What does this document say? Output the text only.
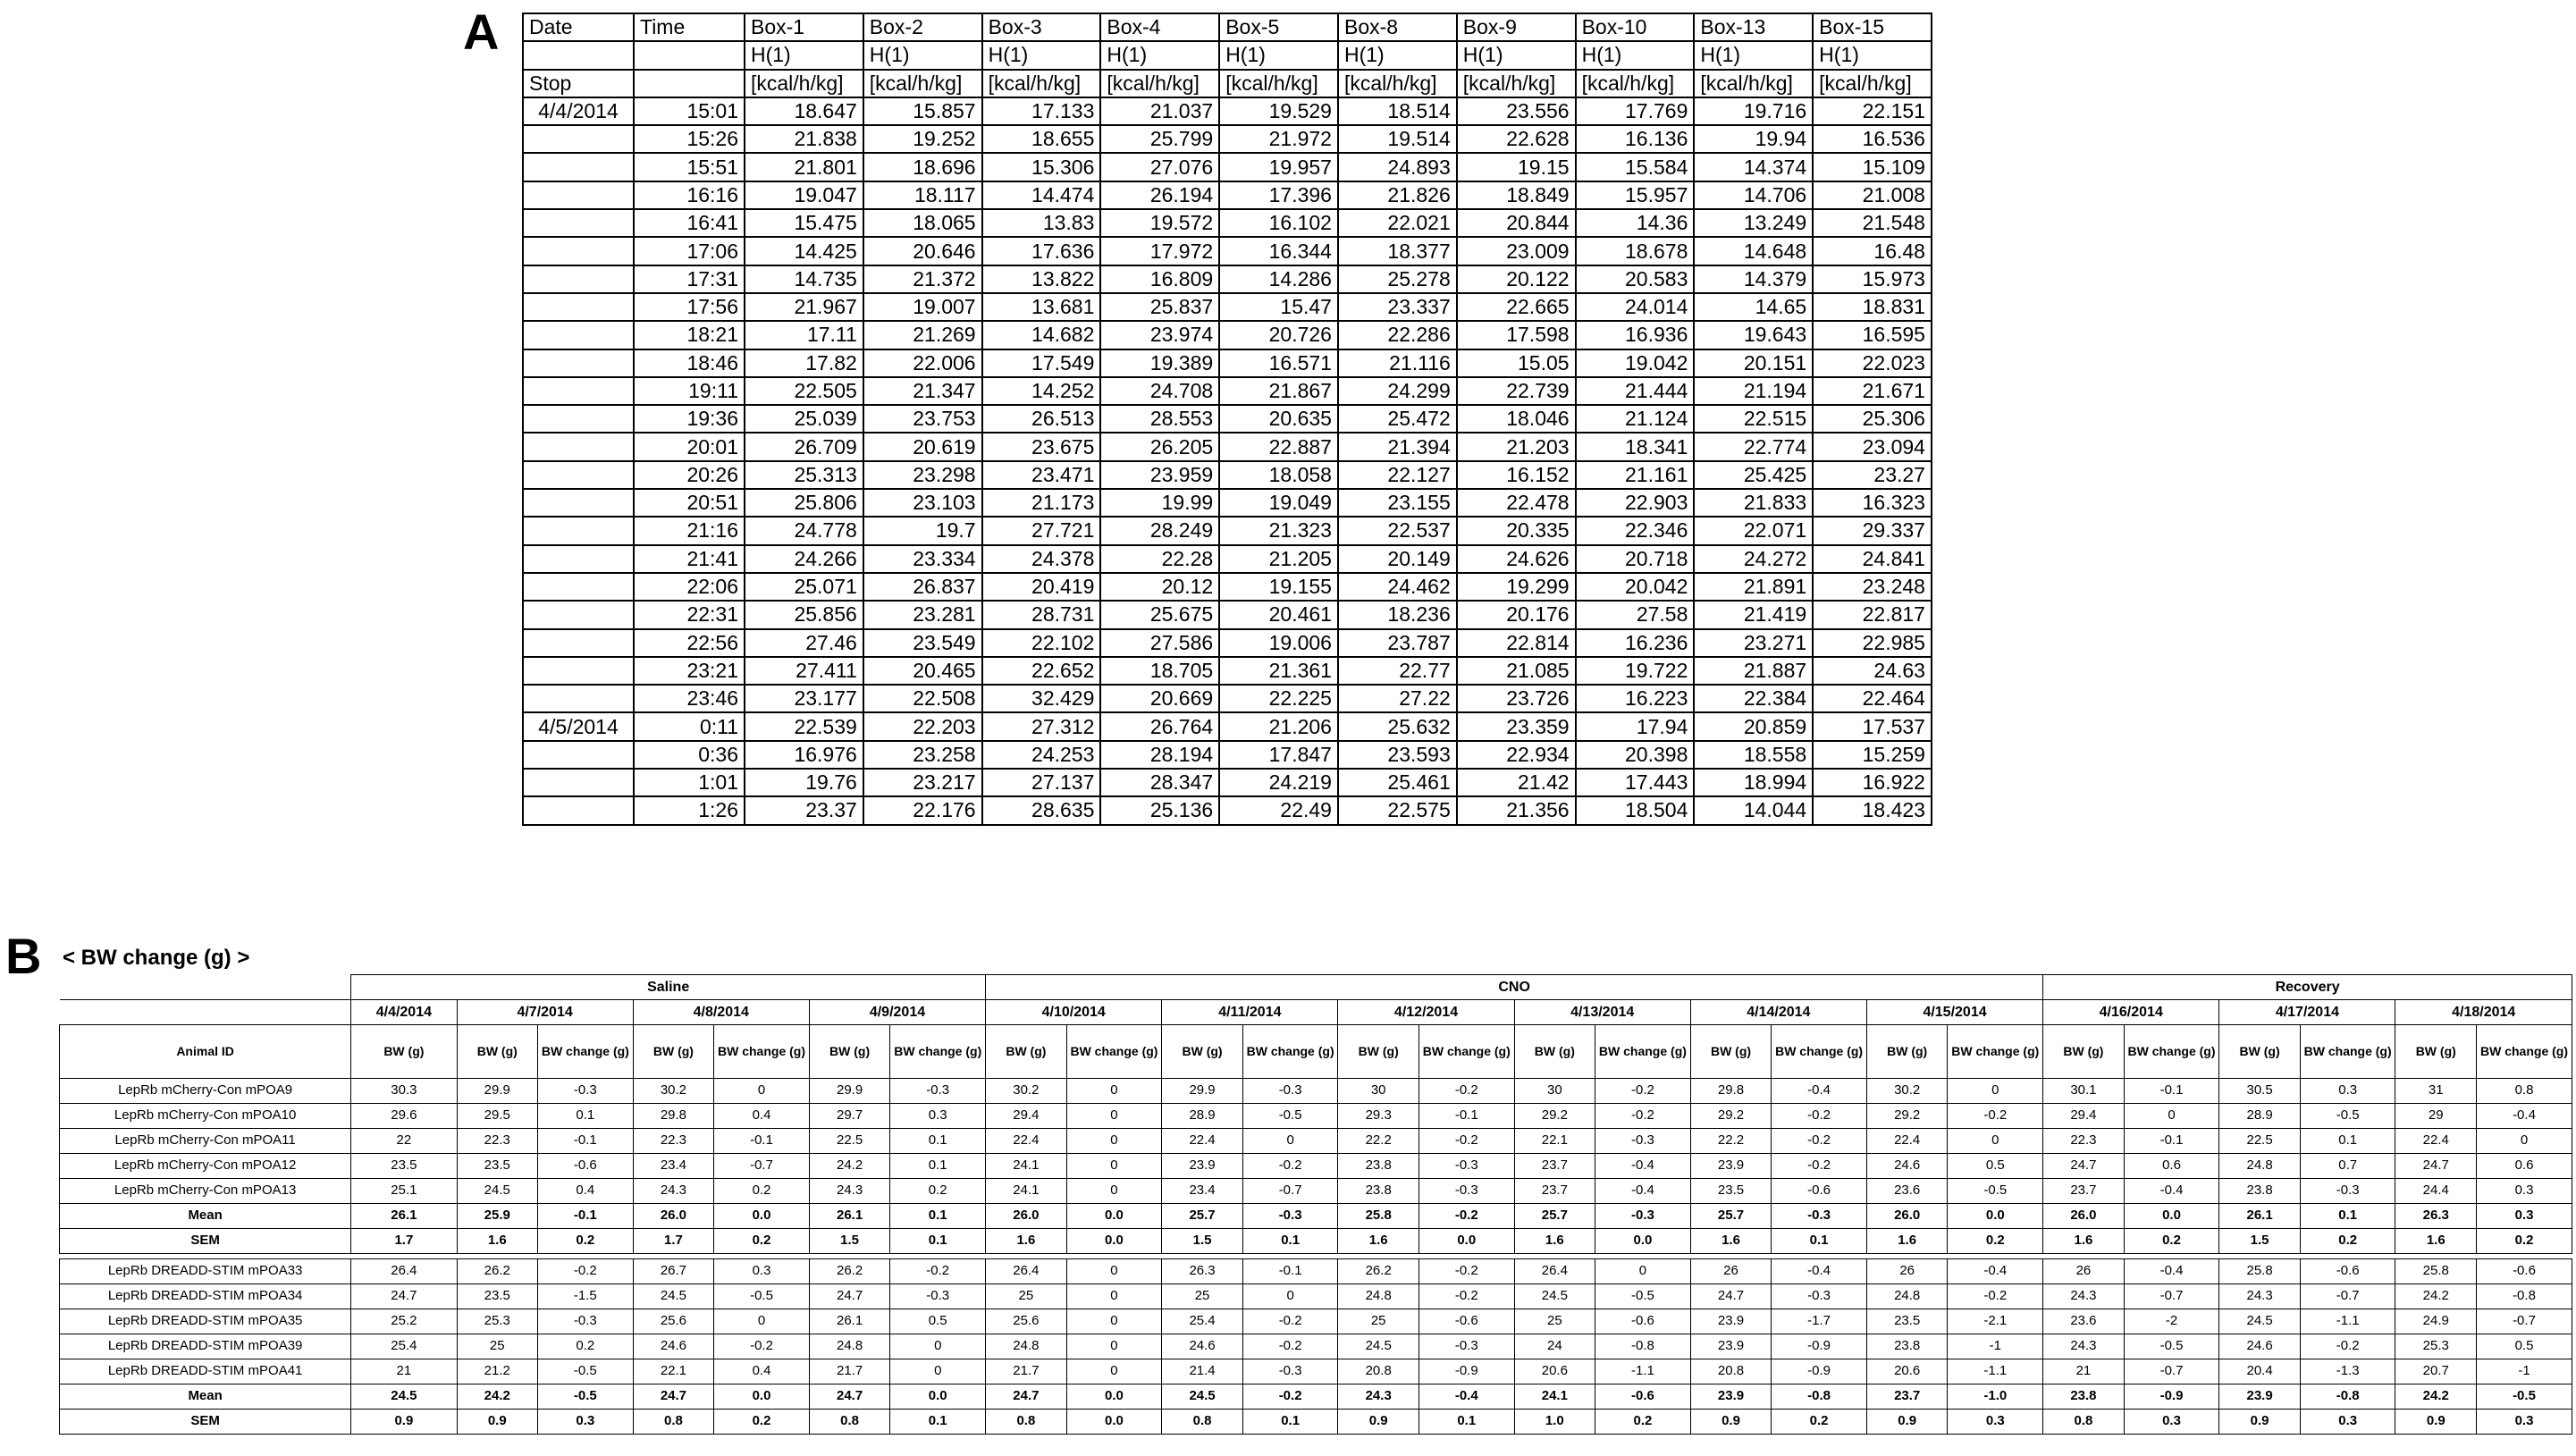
A Date	Time	Box-1	Box-2	Box-3	Box-4	Box-5	Box-8	Box-9	Box-10	Box-13	Box-15
		H(1)	H(1)	H(1)	H(1)	H(1)	H(1)	H(1)	H(1)	H(1)	H(1)
Stop		[kcal/h/kg]	[kcal/h/kg]	[kcal/h/kg]	[kcal/h/kg]	[kcal/h/kg]	[kcal/h/kg]	[kcal/h/kg]	[kcal/h/kg]	[kcal/h/kg]	[kcal/h/kg]
4/4/2014	15:01	18.647	15.857	17.133	21.037	19.529	18.514	23.556	17.769	19.716	22.151
	15:26	21.838	19.252	18.655	25.799	21.972	19.514	22.628	16.136	19.94	16.536
	15:51	21.801	18.696	15.306	27.076	19.957	24.893	19.15	15.584	14.374	15.109
	16:16	19.047	18.117	14.474	26.194	17.396	21.826	18.849	15.957	14.706	21.008
	16:41	15.475	18.065	13.83	19.572	16.102	22.021	20.844	14.36	13.249	21.548
	17:06	14.425	20.646	17.636	17.972	16.344	18.377	23.009	18.678	14.648	16.48
	17:31	14.735	21.372	13.822	16.809	14.286	25.278	20.122	20.583	14.379	15.973
	17:56	21.967	19.007	13.681	25.837	15.47	23.337	22.665	24.014	14.65	18.831
	18:21	17.11	21.269	14.682	23.974	20.726	22.286	17.598	16.936	19.643	16.595
	18:46	17.82	22.006	17.549	19.389	16.571	21.116	15.05	19.042	20.151	22.023
	19:11	22.505	21.347	14.252	24.708	21.867	24.299	22.739	21.444	21.194	21.671
	19:36	25.039	23.753	26.513	28.553	20.635	25.472	18.046	21.124	22.515	25.306
	20:01	26.709	20.619	23.675	26.205	22.887	21.394	21.203	18.341	22.774	23.094
	20:26	25.313	23.298	23.471	23.959	18.058	22.127	16.152	21.161	25.425	23.27
	20:51	25.806	23.103	21.173	19.99	19.049	23.155	22.478	22.903	21.833	16.323
	21:16	24.778	19.7	27.721	28.249	21.323	22.537	20.335	22.346	22.071	29.337
	21:41	24.266	23.334	24.378	22.28	21.205	20.149	24.626	20.718	24.272	24.841
	22:06	25.071	26.837	20.419	20.12	19.155	24.462	19.299	20.042	21.891	23.248
	22:31	25.856	23.281	28.731	25.675	20.461	18.236	20.176	27.58	21.419	22.817
	22:56	27.46	23.549	22.102	27.586	19.006	23.787	22.814	16.236	23.271	22.985
	23:21	27.411	20.465	22.652	18.705	21.361	22.77	21.085	19.722	21.887	24.63
	23:46	23.177	22.508	32.429	20.669	22.225	27.22	23.726	16.223	22.384	22.464
4/5/2014	0:11	22.539	22.203	27.312	26.764	21.206	25.632	23.359	17.94	20.859	17.537
	0:36	16.976	23.258	24.253	28.194	17.847	23.593	22.934	20.398	18.558	15.259
	1:01	19.76	23.217	27.137	28.347	24.219	25.461	21.42	17.443	18.994	16.922
	1:26	23.37	22.176	28.635	25.136	22.49	22.575	21.356	18.504	14.044	18.423
B < BW change (g) >
	Saline							CNO												Recovery					
	4/4/2014	4/7/2014		4/8/2014		4/9/2014		4/10/2014		4/11/2014		4/12/2014		4/13/2014		4/14/2014		4/15/2014		4/16/2014		4/17/2014		4/18/2014	
Animal ID	BW (g)	BW (g)	BW change (g)	BW (g)	BW change (g)	BW (g)	BW change (g)	BW (g)	BW change (g)	BW (g)	BW change (g)	BW (g)	BW change (g)	BW (g)	BW change (g)	BW (g)	BW change (g)	BW (g)	BW change (g)	BW (g)	BW change (g)	BW (g)	BW change (g)	BW (g)	BW change (g)
LepRb mCherry-Con mPOA9	30.3	29.9	-0.3	30.2	0	29.9	-0.3	30.2	0	29.9	-0.3	30	-0.2	30	-0.2	29.8	-0.4	30.2	0	30.1	-0.1	30.5	0.3	31	0.8
LepRb mCherry-Con mPOA10	29.6	29.5	0.1	29.8	0.4	29.7	0.3	29.4	0	28.9	-0.5	29.3	-0.1	29.2	-0.2	29.2	-0.2	29.2	-0.2	29.4	0	28.9	-0.5	29	-0.4
LepRb mCherry-Con mPOA11	22	22.3	-0.1	22.3	-0.1	22.5	0.1	22.4	0	22.4	0	22.2	-0.2	22.1	-0.3	22.2	-0.2	22.4	0	22.3	-0.1	22.5	0.1	22.4	0
LepRb mCherry-Con mPOA12	23.5	23.5	-0.6	23.4	-0.7	24.2	0.1	24.1	0	23.9	-0.2	23.8	-0.3	23.7	-0.4	23.9	-0.2	24.6	0.5	24.7	0.6	24.8	0.7	24.7	0.6
LepRb mCherry-Con mPOA13	25.1	24.5	0.4	24.3	0.2	24.3	0.2	24.1	0	23.4	-0.7	23.8	-0.3	23.7	-0.4	23.5	-0.6	23.6	-0.5	23.7	-0.4	23.8	-0.3	24.4	0.3
Mean	26.1	25.9	-0.1	26.0	0.0	26.1	0.1	26.0	0.0	25.7	-0.3	25.8	-0.2	25.7	-0.3	25.7	-0.3	26.0	0.0	26.0	0.0	26.1	0.1	26.3	0.3
SEM	1.7	1.6	0.2	1.7	0.2	1.5	0.1	1.6	0.0	1.5	0.1	1.6	0.0	1.6	0.0	1.6	0.1	1.6	0.2	1.6	0.2	1.5	0.2	1.6	0.2

LepRb DREADD-STIM mPOA33	26.4	26.2	-0.2	26.7	0.3	26.2	-0.2	26.4	0	26.3	-0.1	26.2	-0.2	26.4	0	26	-0.4	26	-0.4	26	-0.4	25.8	-0.6	25.8	-0.6
LepRb DREADD-STIM mPOA34	24.7	23.5	-1.5	24.5	-0.5	24.7	-0.3	25	0	25	0	24.8	-0.2	24.5	-0.5	24.7	-0.3	24.8	-0.2	24.3	-0.7	24.3	-0.7	24.2	-0.8
LepRb DREADD-STIM mPOA35	25.2	25.3	-0.3	25.6	0	26.1	0.5	25.6	0	25.4	-0.2	25	-0.6	25	-0.6	23.9	-1.7	23.5	-2.1	23.6	-2	24.5	-1.1	24.9	-0.7
LepRb DREADD-STIM mPOA39	25.4	25	0.2	24.6	-0.2	24.8	0	24.8	0	24.6	-0.2	24.5	-0.3	24	-0.8	23.9	-0.9	23.8	-1	24.3	-0.5	24.6	-0.2	25.3	0.5
LepRb DREADD-STIM mPOA41	21	21.2	-0.5	22.1	0.4	21.7	0	21.7	0	21.4	-0.3	20.8	-0.9	20.6	-1.1	20.8	-0.9	20.6	-1.1	21	-0.7	20.4	-1.3	20.7	-1
Mean	24.5	24.2	-0.5	24.7	0.0	24.7	0.0	24.7	0.0	24.5	-0.2	24.3	-0.4	24.1	-0.6	23.9	-0.8	23.7	-1.0	23.8	-0.9	23.9	-0.8	24.2	-0.5
SEM	0.9	0.9	0.3	0.8	0.2	0.8	0.1	0.8	0.0	0.8	0.1	0.9	0.1	1.0	0.2	0.9	0.2	0.9	0.3	0.8	0.3	0.9	0.3	0.9	0.3
